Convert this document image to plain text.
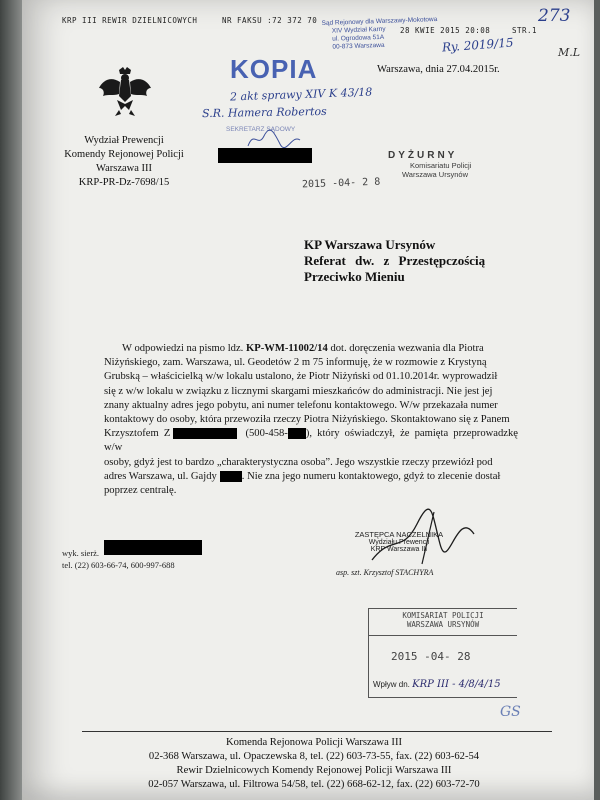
KRP III REWIR DZIELNICOWYCH	NR FAKSU :72 372 70
28 KWIE 2015 20:08	STR.1
273
M.L
Sąd Rejonowy dla Warszawy-Mokotowa
XIV Wydział Karny
ul. Ogrodowa 51A
00-873 Warszawa	Ry. 2019/15
KOPIA
2 akt sprawy XIV K 43/18
S.R. Hamera Robertos
SEKRETARZ SĄDOWY
Warszawa, dnia 27.04.2015r.
Wydział Prewencji
Komendy Rejonowej Policji
Warszawa III
KRP-PR-Dz-7698/15
DYŻURNY
Komisariatu Policji
Warszawa Ursynów
2015 -04- 2 8
KP Warszawa Ursynów
Referat dw. z Przestępczością
Przeciwko Mieniu
W odpowiedzi na pismo ldz. KP-WM-11002/14 dot. doręczenia wezwania dla Piotra
Niżyńskiego, zam. Warszawa, ul. Geodetów 2 m 75 informuję, że w rozmowie z Krystyną
Grubską – właścicielką w/w lokalu ustalono, że Piotr Niżyński od 01.10.2014r. wyprowadził
się z w/w lokalu w związku z licznymi skargami mieszkańców do administracji. Nie jest jej
znany aktualny adres jego pobytu, ani numer telefonu kontaktowego. W/w przekazała numer
kontaktowy do osoby, która przewoziła rzeczy Piotra Niżyńskiego. Skontaktowano się z Panem
Krzysztofem Z	(500-458- ), który oświadczył, że pamięta przeprowadzkę w/w
osoby, gdyż jest to bardzo „charakterystyczna osoba”. Jego wszystkie rzeczy przewiózł pod
adres Warszawa, ul. Gajdy . Nie zna jego numeru kontaktowego, gdyż to zlecenie dostał
poprzez centralę.
ZASTĘPCA NACZELNIKA
Wydziału Prewencji
KRP Warszawa III
asp. szt. Krzysztof STACHYRA
wyk. sierż.
tel. (22) 603-66-74, 600-997-688
KOMISARIAT POLICJI
WARSZAWA URSYNÓW
2015 -04- 28
Wpływ dn. KRP III - 4/8/4/15
GS
Komenda Rejonowa Policji Warszawa III
02-368 Warszawa, ul. Opaczewska 8, tel. (22) 603-73-55, fax. (22) 603-62-54
Rewir Dzielnicowych Komendy Rejonowej Policji Warszawa III
02-057 Warszawa, ul. Filtrowa 54/58, tel. (22) 668-62-12, fax. (22) 603-72-70
